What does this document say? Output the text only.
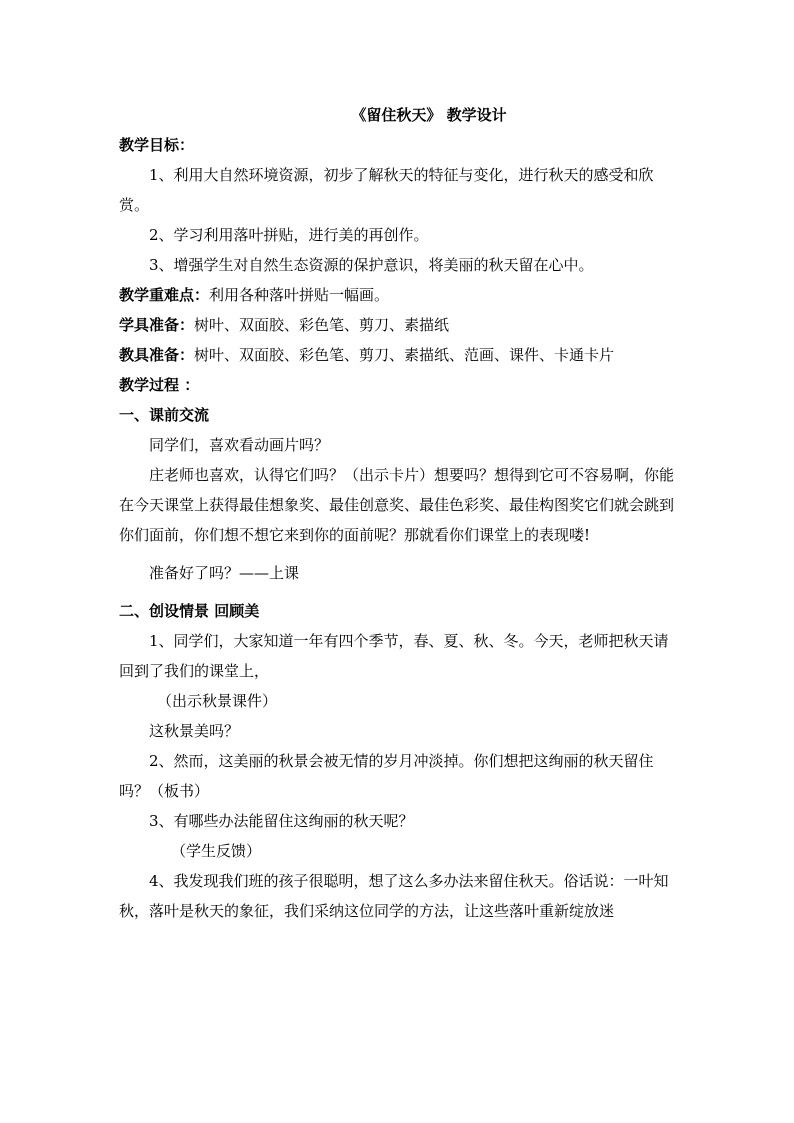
《留住秋天》 教学设计

教学目标：

1、利用大自然环境资源，初步了解秋天的特征与变化，进行秋天的感受和欣赏。

2、学习利用落叶拼贴，进行美的再创作。

3、增强学生对自然生态资源的保护意识，将美丽的秋天留在心中。

教学重难点：利用各种落叶拼贴一幅画。

学具准备：树叶、双面胶、彩色笔、剪刀、素描纸

教具准备：树叶、双面胶、彩色笔、剪刀、素描纸、范画、课件、卡通卡片

教学过程 ：

一、课前交流

同学们，喜欢看动画片吗？

庄老师也喜欢，认得它们吗？（出示卡片）想要吗？想得到它可不容易啊，你能在今天课堂上获得最佳想象奖、最佳创意奖、最佳色彩奖、最佳构图奖它们就会跳到你们面前，你们想不想它来到你的面前呢？那就看你们课堂上的表现喽!

准备好了吗？——上课

二、创设情景 回顾美

1、同学们，大家知道一年有四个季节，春、夏、秋、冬。今天，老师把秋天请回到了我们的课堂上，

（出示秋景课件）

这秋景美吗？

2、然而，这美丽的秋景会被无情的岁月冲淡掉。你们想把这绚丽的秋天留住吗？（板书）

3、有哪些办法能留住这绚丽的秋天呢？

（学生反馈）

4、我发现我们班的孩子很聪明，想了这么多办法来留住秋天。俗话说：一叶知秋，落叶是秋天的象征，我们采纳这位同学的方法，让这些落叶重新绽放迷
